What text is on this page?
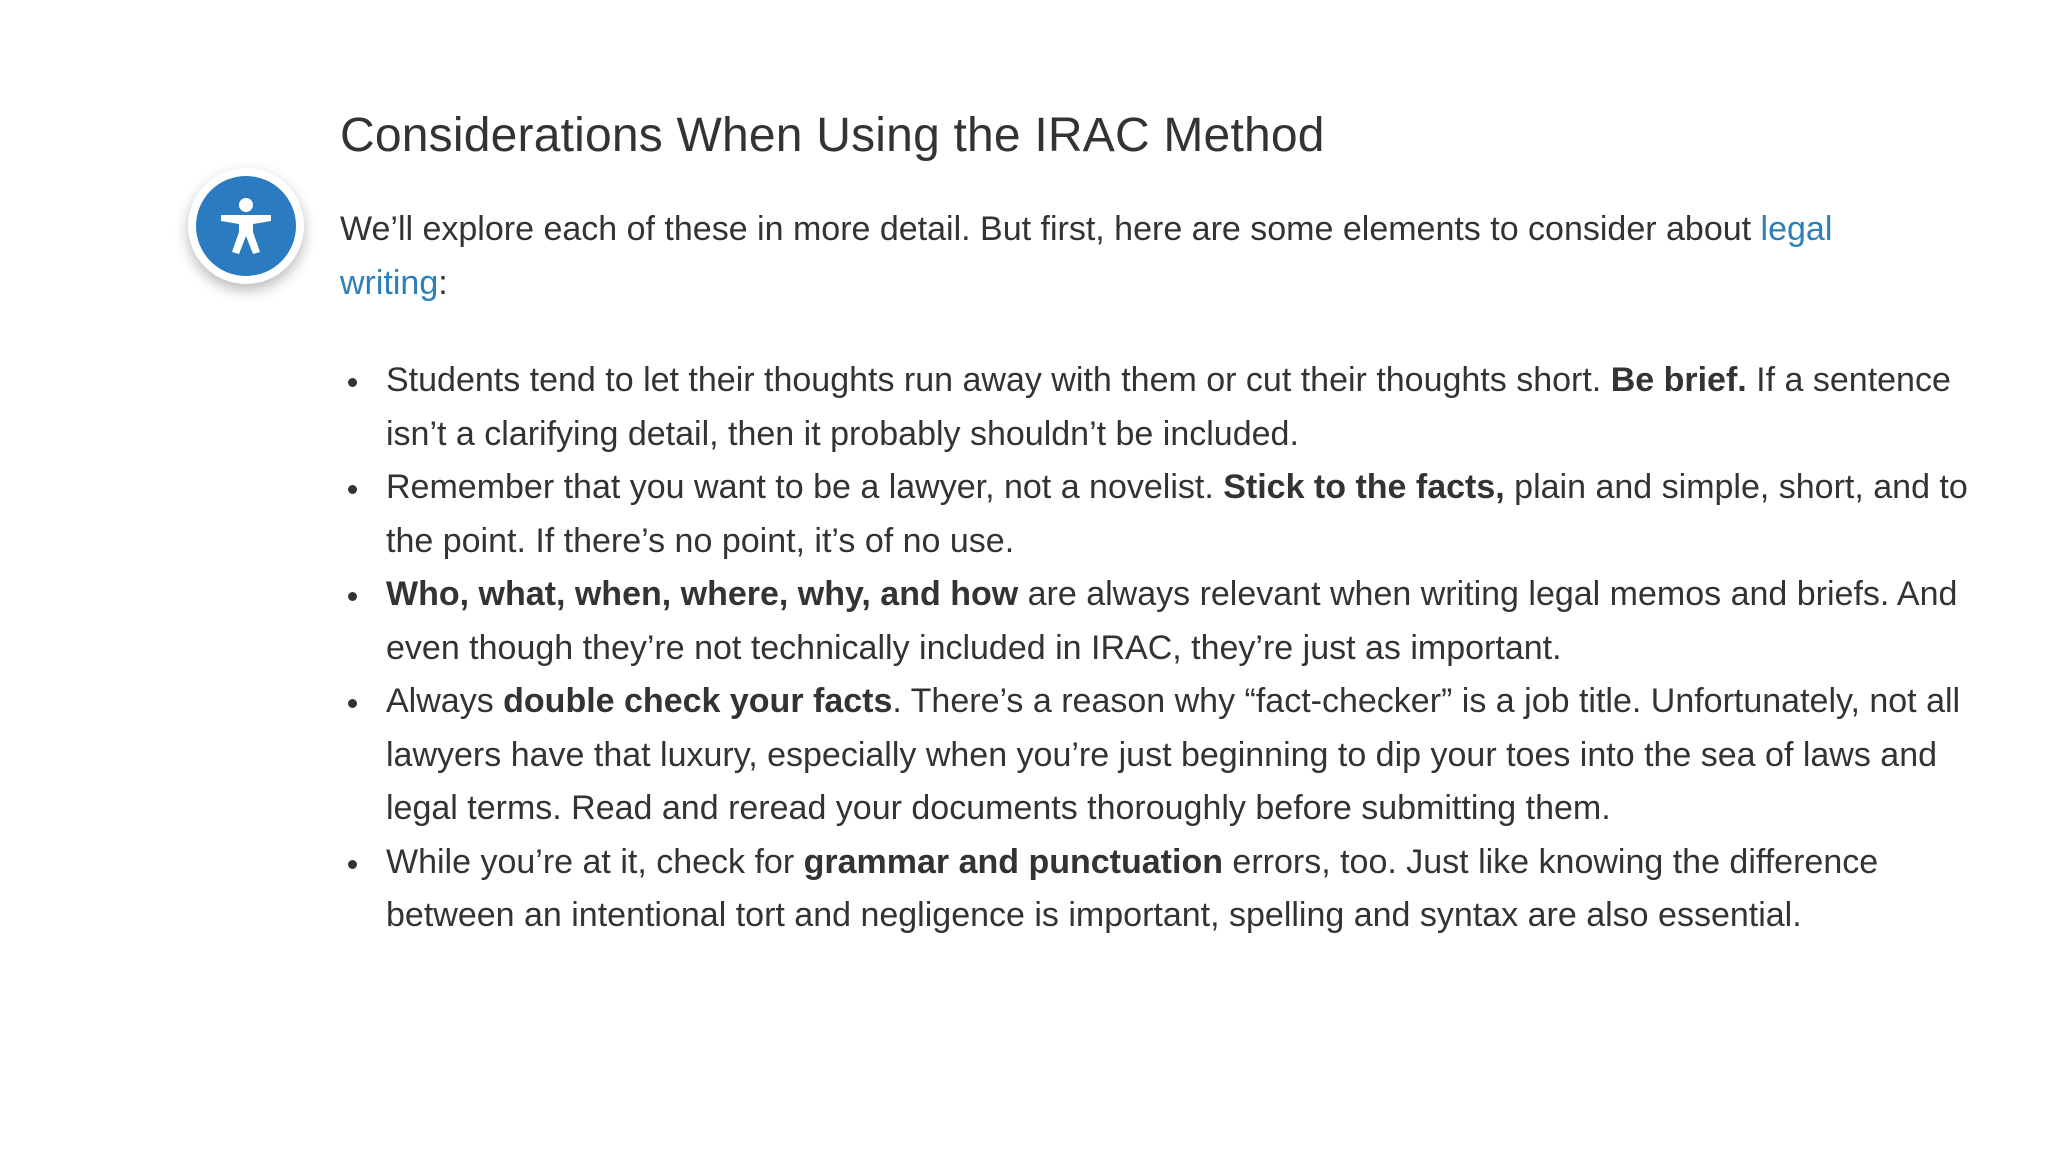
Considerations When Using the IRAC Method

We’ll explore each of these in more detail. But first, here are some elements to consider about legal writing:

Students tend to let their thoughts run away with them or cut their thoughts short. Be brief. If a sentence isn’t a clarifying detail, then it probably shouldn’t be included.
Remember that you want to be a lawyer, not a novelist. Stick to the facts, plain and simple, short, and to the point. If there’s no point, it’s of no use.
Who, what, when, where, why, and how are always relevant when writing legal memos and briefs. And even though they’re not technically included in IRAC, they’re just as important.
Always double check your facts. There’s a reason why “fact-checker” is a job title. Unfortunately, not all lawyers have that luxury, especially when you’re just beginning to dip your toes into the sea of laws and legal terms. Read and reread your documents thoroughly before submitting them.
While you’re at it, check for grammar and punctuation errors, too. Just like knowing the difference between an intentional tort and negligence is important, spelling and syntax are also essential.
